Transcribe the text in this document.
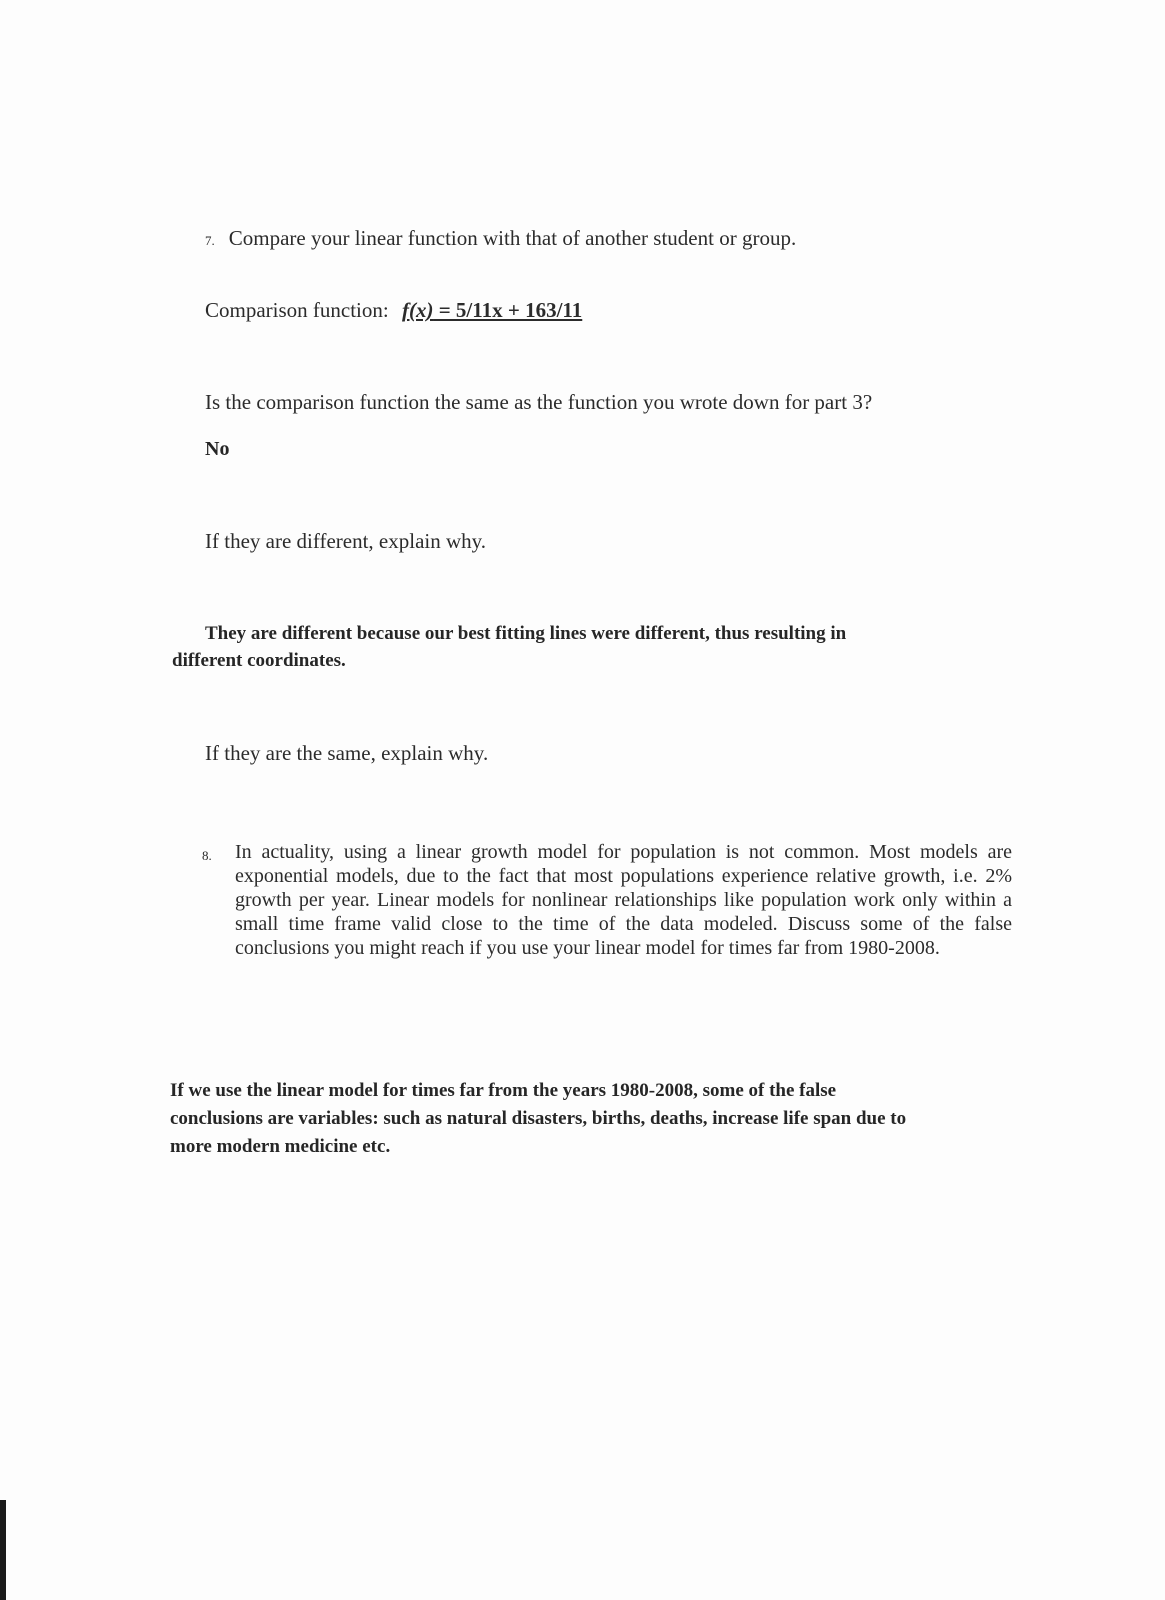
7. Compare your linear function with that of another student or group.
Comparison function: f(x) = 5/11x + 163/11
Is the comparison function the same as the function you wrote down for part 3?
No
If they are different, explain why.
They are different because our best fitting lines were different, thus resulting in
different coordinates.
If they are the same, explain why.
8. In actuality, using a linear growth model for population is not common. Most models are exponential models, due to the fact that most populations experience relative growth, i.e. 2% growth per year. Linear models for nonlinear relationships like population work only within a small time frame valid close to the time of the data modeled. Discuss some of the false conclusions you might reach if you use your linear model for times far from 1980-2008.
If we use the linear model for times far from the years 1980-2008, some of the false
conclusions are variables: such as natural disasters, births, deaths, increase life span due to
more modern medicine etc.
